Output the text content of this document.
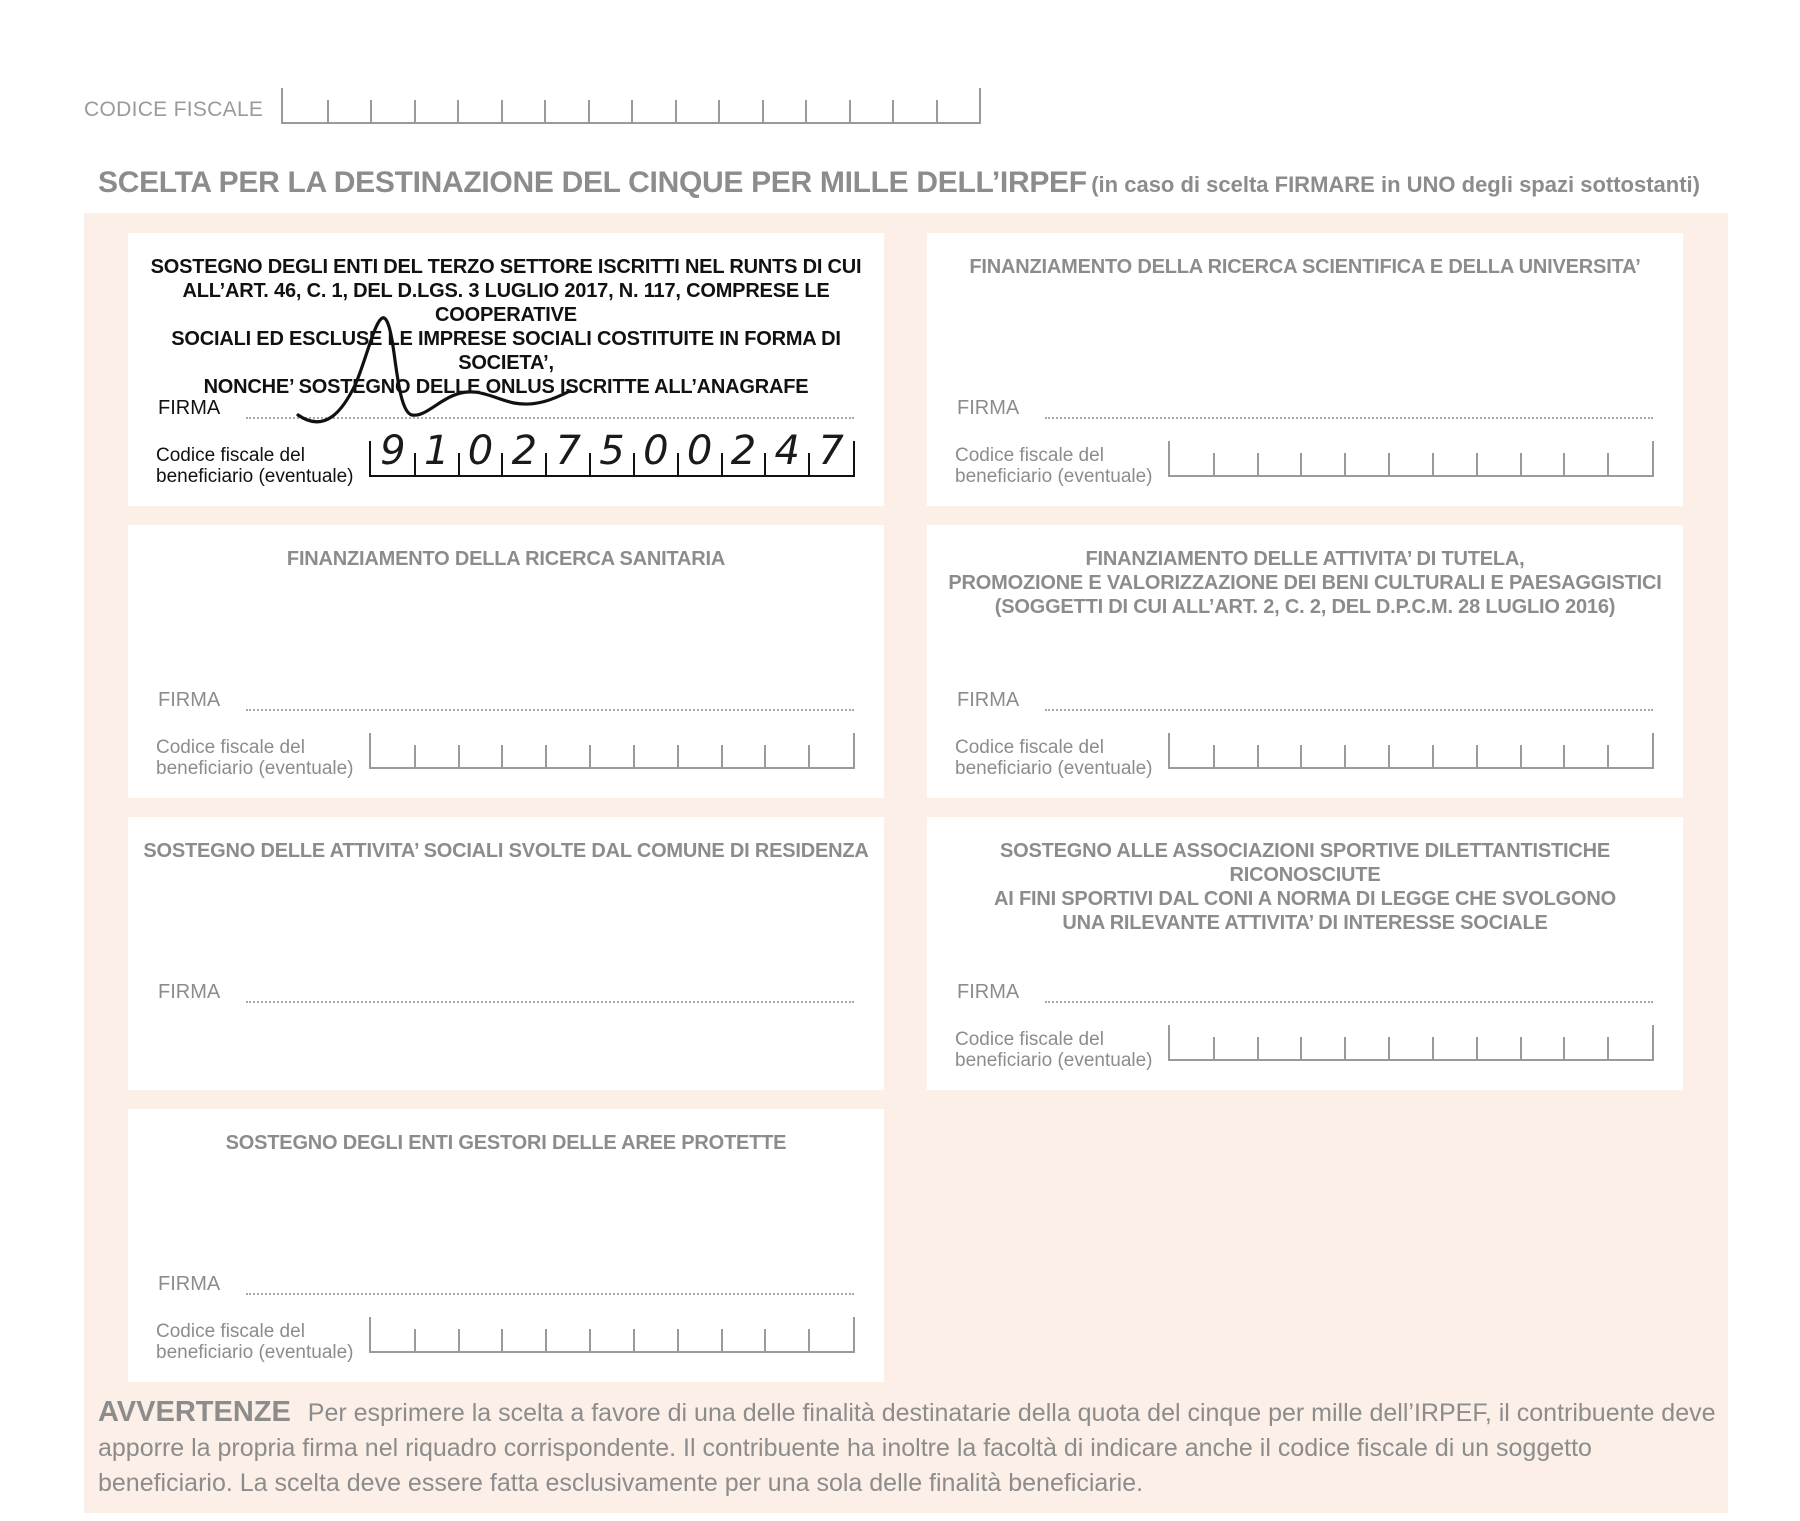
CODICE FISCALE
SCELTA PER LA DESTINAZIONE DEL CINQUE PER MILLE DELL’IRPEF (in caso di scelta FIRMARE in UNO degli spazi sottostanti)
SOSTEGNO DEGLI ENTI DEL TERZO SETTORE ISCRITTI NEL RUNTS DI CUI
ALL’ART. 46, C. 1, DEL D.LGS. 3 LUGLIO 2017, N. 117, COMPRESE LE COOPERATIVE
SOCIALI ED ESCLUSE LE IMPRESE SOCIALI COSTITUITE IN FORMA DI SOCIETA’,
NONCHE’ SOSTEGNO DELLE ONLUS ISCRITTE ALL’ANAGRAFE
FIRMA
Codice fiscale del
beneficiario (eventuale)
9 1 0 2 7 5 0 0 2 4 7
FINANZIAMENTO DELLA RICERCA SCIENTIFICA E DELLA UNIVERSITA’
FIRMA
Codice fiscale del
beneficiario (eventuale)
FINANZIAMENTO DELLA RICERCA SANITARIA
FIRMA
Codice fiscale del
beneficiario (eventuale)
FINANZIAMENTO DELLE ATTIVITA’ DI TUTELA,
PROMOZIONE E VALORIZZAZIONE DEI BENI CULTURALI E PAESAGGISTICI
(SOGGETTI DI CUI ALL’ART. 2, C. 2, DEL D.P.C.M. 28 LUGLIO 2016)
FIRMA
Codice fiscale del
beneficiario (eventuale)
SOSTEGNO DELLE ATTIVITA’ SOCIALI SVOLTE DAL COMUNE DI RESIDENZA
FIRMA
SOSTEGNO ALLE ASSOCIAZIONI SPORTIVE DILETTANTISTICHE RICONOSCIUTE
AI FINI SPORTIVI DAL CONI A NORMA DI LEGGE CHE SVOLGONO
UNA RILEVANTE ATTIVITA’ DI INTERESSE SOCIALE
FIRMA
Codice fiscale del
beneficiario (eventuale)
SOSTEGNO DEGLI ENTI GESTORI DELLE AREE PROTETTE
FIRMA
Codice fiscale del
beneficiario (eventuale)
AVVERTENZE Per esprimere la scelta a favore di una delle finalità destinatarie della quota del cinque per mille dell’IRPEF, il contribuente deve apporre la propria firma nel riquadro corrispondente. Il contribuente ha inoltre la facoltà di indicare anche il codice fiscale di un soggetto beneficiario. La scelta deve essere fatta esclusivamente per una sola delle finalità beneficiarie.
